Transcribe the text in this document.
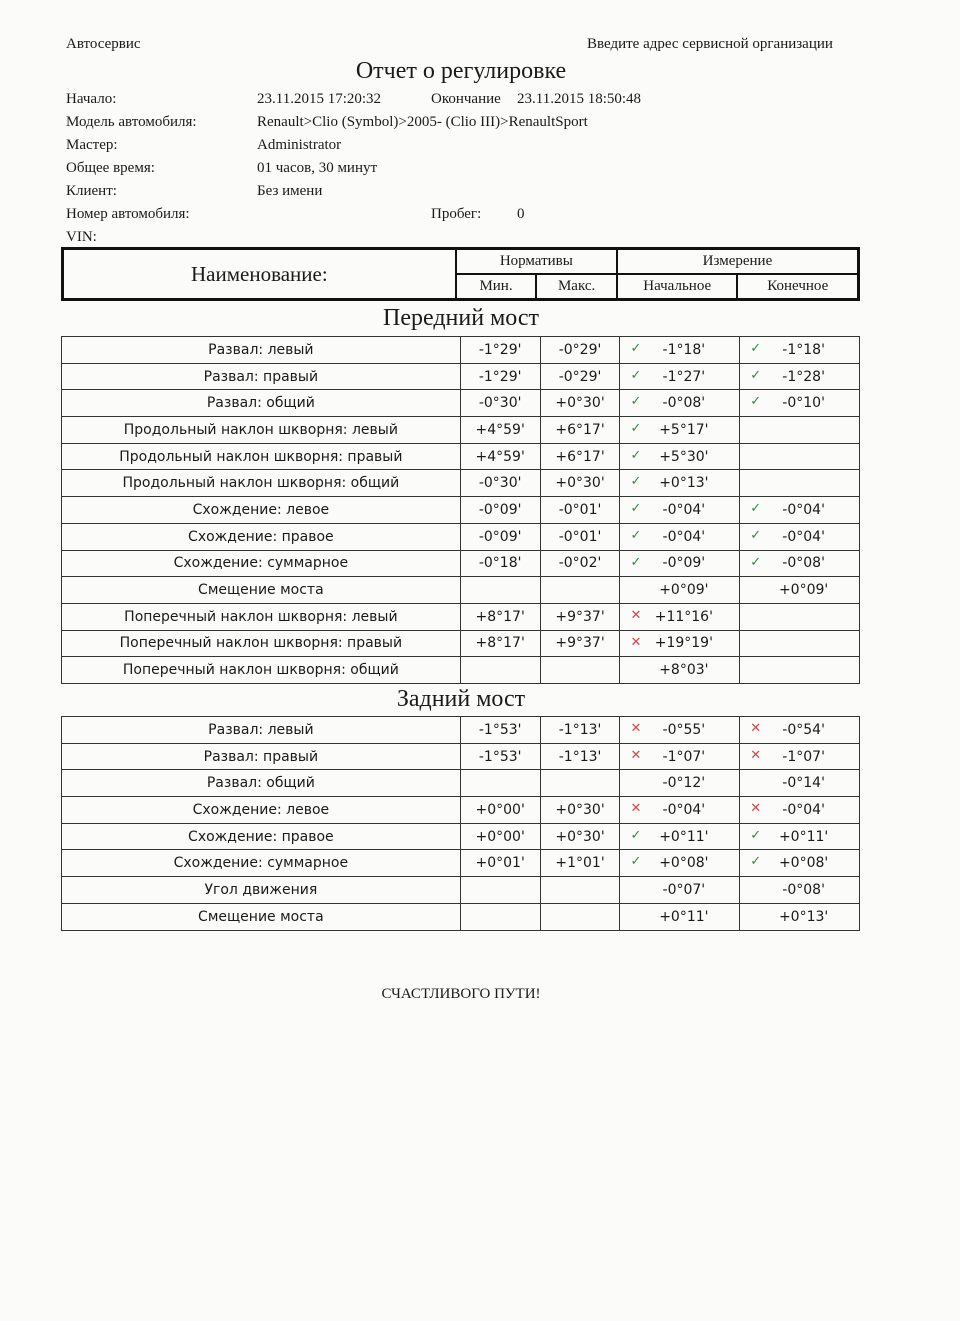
Автосервис	Введите адрес сервисной организации
Отчет о регулировке
Начало:	23.11.2015 17:20:32	Окончание 23.11.2015 18:50:48
Модель автомобиля:	Renault>Clio (Symbol)>2005- (Clio III)>RenaultSport
Мастер:	Administrator
Общее время:	01 часов, 30 минут
Клиент:	Без имени
Номер автомобиля:	Пробег: 0
VIN:
Наименование:	Нормативы		Измерение	
	Мин.	Макс.	Начальное	Конечное
Передний мост
Развал: левый	-1°29'	-0°29'	✓ -1°18'	✓ -1°18'
Развал: правый	-1°29'	-0°29'	✓ -1°27'	✓ -1°28'
Развал: общий	-0°30'	+0°30'	✓ -0°08'	✓ -0°10'
Продольный наклон шкворня: левый	+4°59'	+6°17'	✓ +5°17'	
Продольный наклон шкворня: правый	+4°59'	+6°17'	✓ +5°30'	
Продольный наклон шкворня: общий	-0°30'	+0°30'	✓ +0°13'	
Схождение: левое	-0°09'	-0°01'	✓ -0°04'	✓ -0°04'
Схождение: правое	-0°09'	-0°01'	✓ -0°04'	✓ -0°04'
Схождение: суммарное	-0°18'	-0°02'	✓ -0°09'	✓ -0°08'
Смещение моста			+0°09'	+0°09'
Поперечный наклон шкворня: левый	+8°17'	+9°37'	✕ +11°16'	
Поперечный наклон шкворня: правый	+8°17'	+9°37'	✕ +19°19'	
Поперечный наклон шкворня: общий			+8°03'	
Задний мост
Развал: левый	-1°53'	-1°13'	✕ -0°55'	✕ -0°54'
Развал: правый	-1°53'	-1°13'	✕ -1°07'	✕ -1°07'
Развал: общий			-0°12'	-0°14'
Схождение: левое	+0°00'	+0°30'	✕ -0°04'	✕ -0°04'
Схождение: правое	+0°00'	+0°30'	✓ +0°11'	✓ +0°11'
Схождение: суммарное	+0°01'	+1°01'	✓ +0°08'	✓ +0°08'
Угол движения			-0°07'	-0°08'
Смещение моста			+0°11'	+0°13'
СЧАСТЛИВОГО ПУТИ!
